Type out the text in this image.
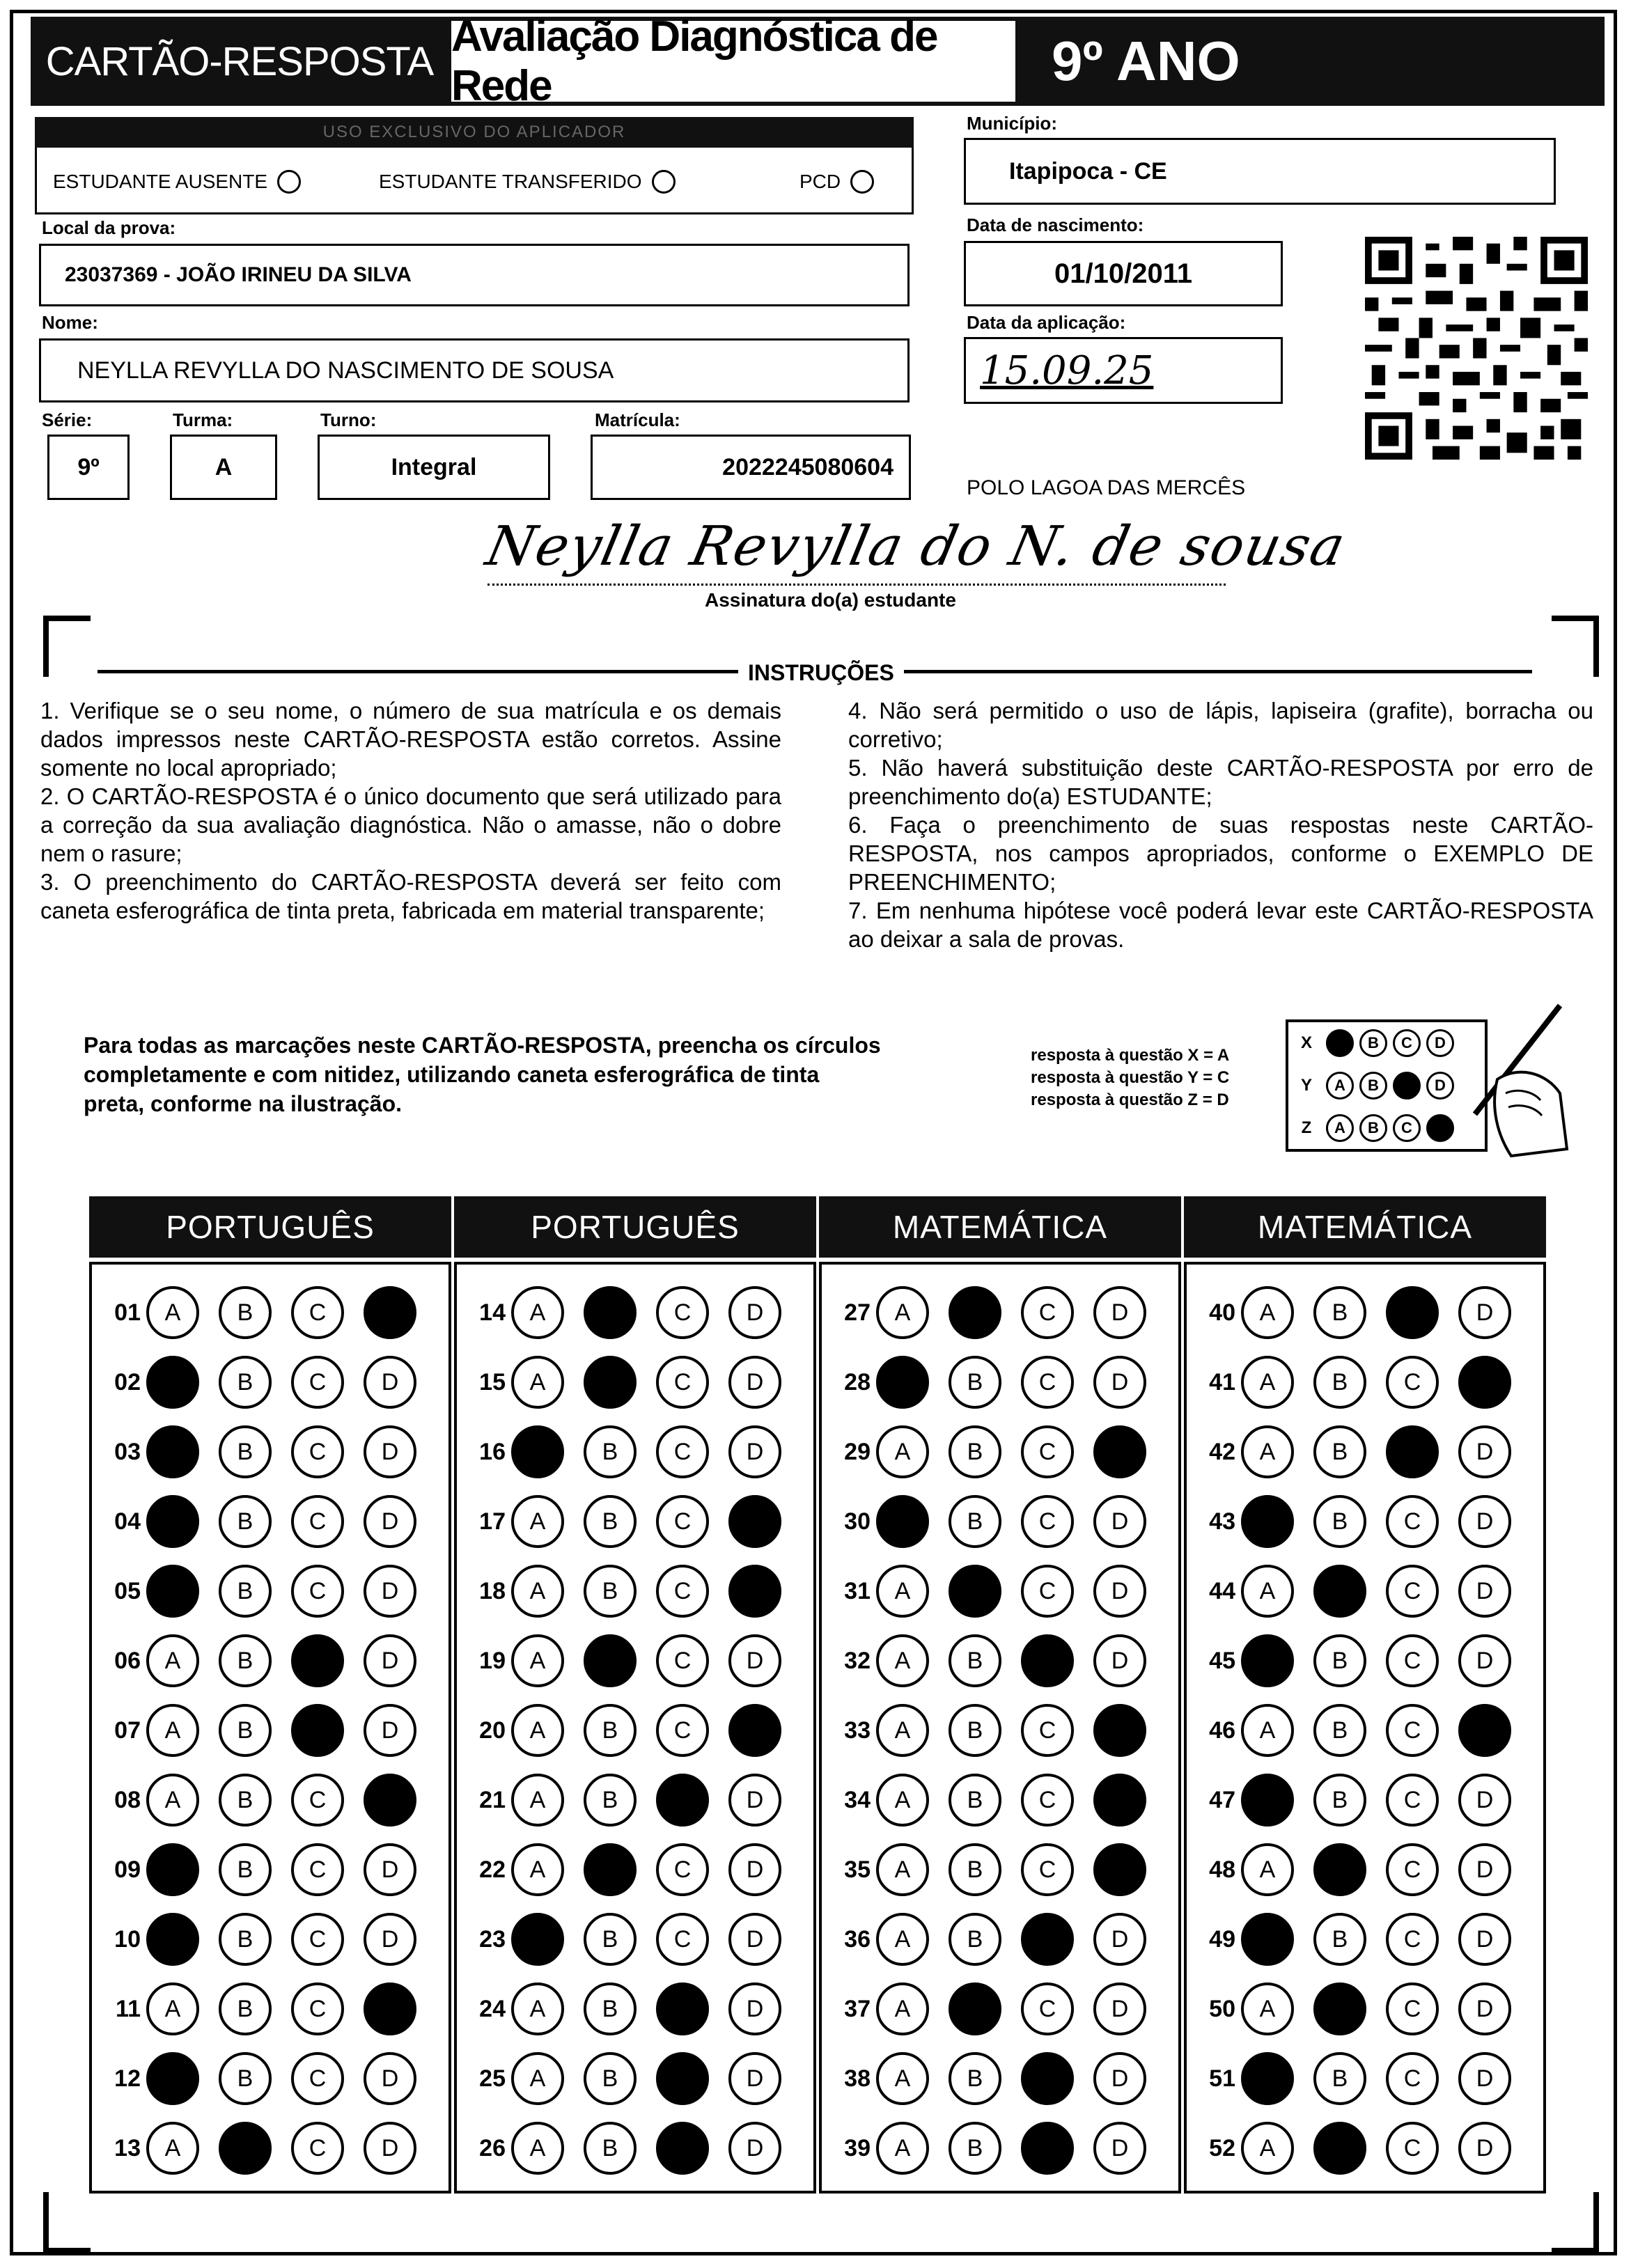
CARTÃO-RESPOSTA
Avaliação Diagnóstica de Rede	9º ANO
USO EXCLUSIVO DO APLICADOR
ESTUDANTE AUSENTE	ESTUDANTE TRANSFERIDO	PCD
Local da prova:
23037369 - JOÃO IRINEU DA SILVA
Nome:
NEYLLA REVYLLA DO NASCIMENTO DE SOUSA
Série:
9º
Turma:
A
Turno:
Integral
Matrícula:
2022245080604
Município:
Itapipoca - CE
Data de nascimento:
01/10/2011
Data da aplicação:
15.09.25
POLO LAGOA DAS MERCÊS
Neylla Revylla do N. de sousa
Assinatura do(a) estudante
INSTRUÇÕES
1. Verifique se o seu nome, o número de sua matrícula e os demais dados impressos neste CARTÃO-RESPOSTA estão corretos. Assine somente no local apropriado;
2. O CARTÃO-RESPOSTA é o único documento que será utilizado para a correção da sua avaliação diagnóstica. Não o amasse, não o dobre nem o rasure;
3. O preenchimento do CARTÃO-RESPOSTA deverá ser feito com caneta esferográfica de tinta preta, fabricada em material transparente;
4. Não será permitido o uso de lápis, lapiseira (grafite), borracha ou corretivo;
5. Não haverá substituição deste CARTÃO-RESPOSTA por erro de preenchimento do(a) ESTUDANTE;
6. Faça o preenchimento de suas respostas neste CARTÃO-RESPOSTA, nos campos apropriados, conforme o EXEMPLO DE PREENCHIMENTO;
7. Em nenhuma hipótese você poderá levar este CARTÃO-RESPOSTA ao deixar a sala de provas.
Para todas as marcações neste CARTÃO-RESPOSTA, preencha os círculos completamente e com nitidez, utilizando caneta esferográfica de tinta preta, conforme na ilustração.
resposta à questão X = A
resposta à questão Y = C
resposta à questão Z = D
X	B	C	D
Y	A	B	D
Z	A	B	C
PORTUGUÊS
01 A B C
02	B C D
03	B C D
04	B C D
05	B C D
06 A B	D
07 A B	D
08 A B C
09	B C D
10	B C D
11 A B C
12	B C D
13 A	C D
PORTUGUÊS
14 A	C D
15 A	C D
16	B C D
17 A B C
18 A B C
19 A	C D
20 A B C
21 A B	D
22 A	C D
23	B C D
24 A B	D
25 A B	D
26 A B	D
MATEMÁTICA
27 A	C D
28	B C D
29 A B C
30	B C D
31 A	C D
32 A B	D
33 A B C
34 A B C
35 A B C
36 A B	D
37 A	C D
38 A B	D
39 A B	D
MATEMÁTICA
40 A B	D
41 A B C
42 A B	D
43	B C D
44 A	C D
45	B C D
46 A B C
47	B C D
48 A	C D
49	B C D
50 A	C D
51	B C D
52 A	C D
